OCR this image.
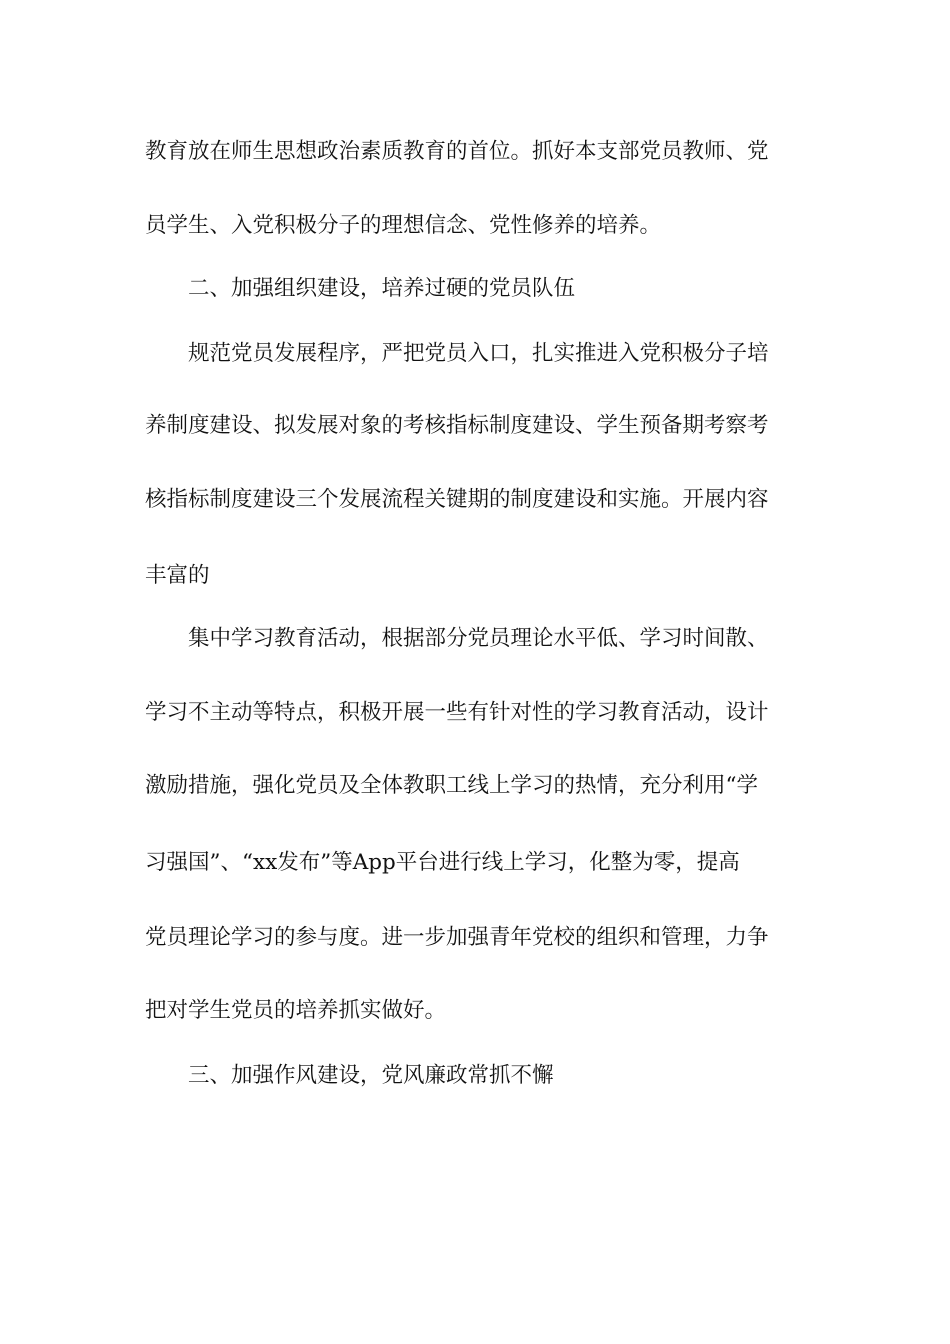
教育放在师生思想政治素质教育的首位。抓好本支部党员教师、党
员学生、入党积极分子的理想信念、党性修养的培养。
二、加强组织建设，培养过硬的党员队伍
规范党员发展程序，严把党员入口，扎实推进入党积极分子培
养制度建设、拟发展对象的考核指标制度建设、学生预备期考察考
核指标制度建设三个发展流程关键期的制度建设和实施。开展内容
丰富的
集中学习教育活动，根据部分党员理论水平低、学习时间散、
学习不主动等特点，积极开展一些有针对性的学习教育活动，设计
激励措施，强化党员及全体教职工线上学习的热情，充分利用“学
习强国”、“xx发布”等App平台进行线上学习，化整为零，提高
党员理论学习的参与度。进一步加强青年党校的组织和管理，力争
把对学生党员的培养抓实做好。
三、加强作风建设，党风廉政常抓不懈
